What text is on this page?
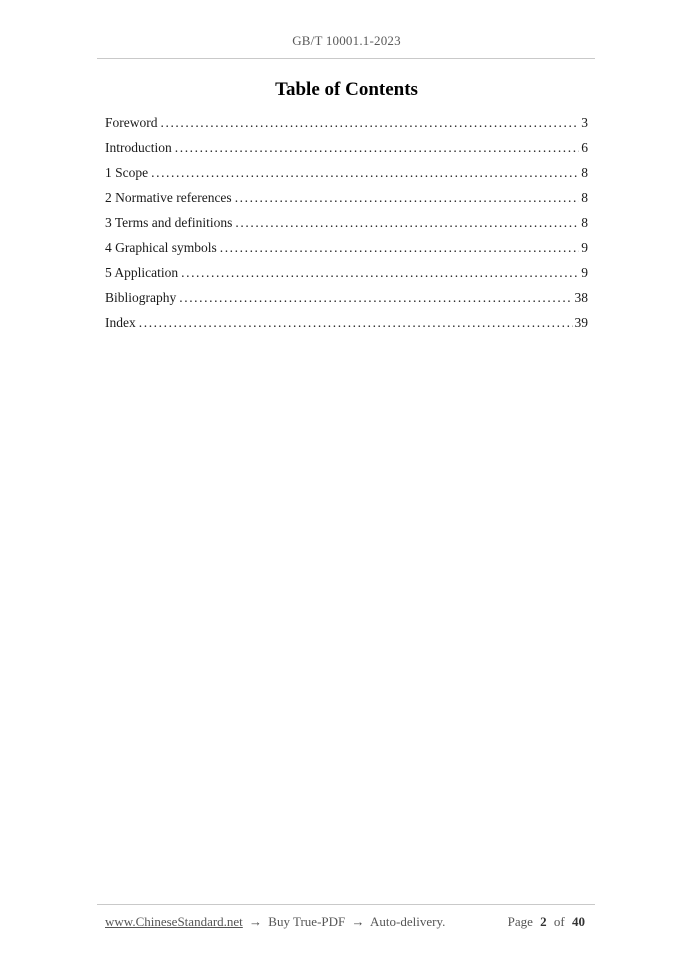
GB/T 10001.1-2023
Table of Contents
Foreword .....	3
Introduction .....	6
1 Scope .....	8
2 Normative references .....	8
3 Terms and definitions .....	8
4 Graphical symbols .....	9
5 Application .....	9
Bibliography .....	38
Index .....	39
www.ChineseStandard.net → Buy True-PDF → Auto-delivery.	Page 2 of 40
